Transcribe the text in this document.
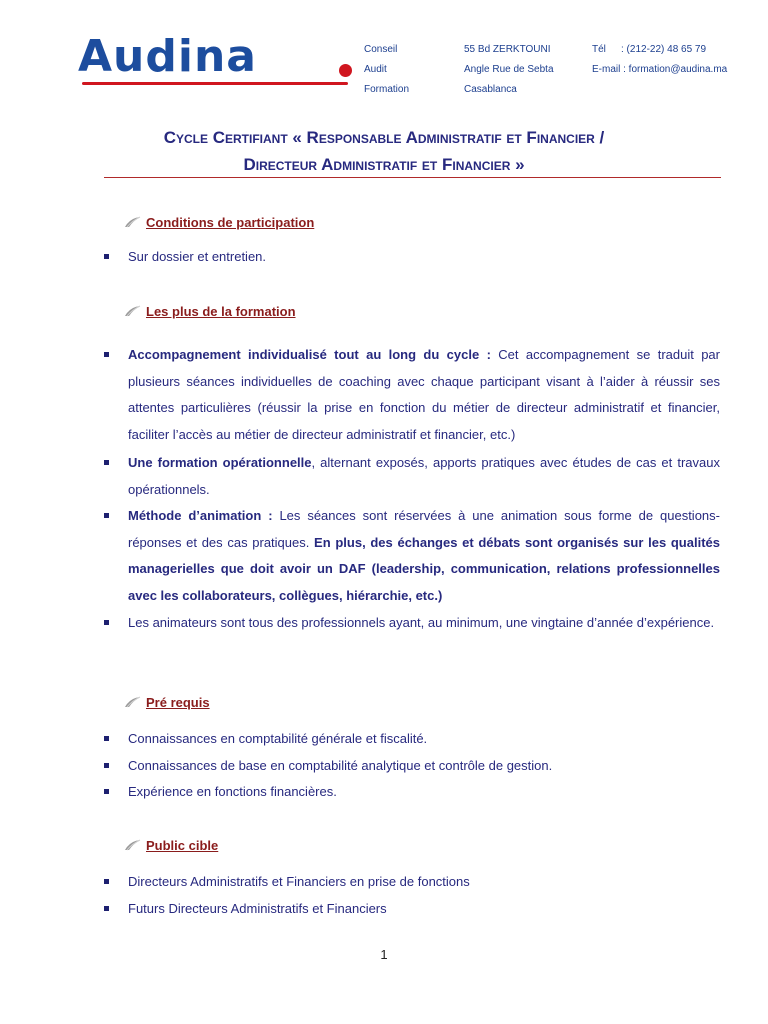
Audina	Conseil
Audit
Formation
55 Bd ZERKTOUNI
Angle Rue de Sebta
Casablanca
Tél : (212-22) 48 65 79
E-mail : formation@audina.ma
Cycle Certifiant « Responsable Administratif et Financier /
Directeur Administratif et Financier »
Conditions de participation
Sur dossier et entretien.
Les plus de la formation
Accompagnement individualisé tout au long du cycle : Cet accompagnement se traduit par plusieurs séances individuelles de coaching avec chaque participant visant à l’aider à réussir ses attentes particulières (réussir la prise en fonction du métier de directeur administratif et financier, faciliter l’accès au métier de directeur administratif et financier, etc.)
Une formation opérationnelle, alternant exposés, apports pratiques avec études de cas et travaux opérationnels.
Méthode d’animation : Les séances sont réservées à une animation sous forme de questions-réponses et des cas pratiques. En plus, des échanges et débats sont organisés sur les qualités managerielles que doit avoir un DAF (leadership, communication, relations professionnelles avec les collaborateurs, collègues, hiérarchie, etc.)
Les animateurs sont tous des professionnels ayant, au minimum, une vingtaine d’année d’expérience.
Pré requis
Connaissances en comptabilité générale et fiscalité.
Connaissances de base en comptabilité analytique et contrôle de gestion.
Expérience en fonctions financières.
Public cible
Directeurs Administratifs et Financiers en prise de fonctions
Futurs Directeurs Administratifs et Financiers
1
